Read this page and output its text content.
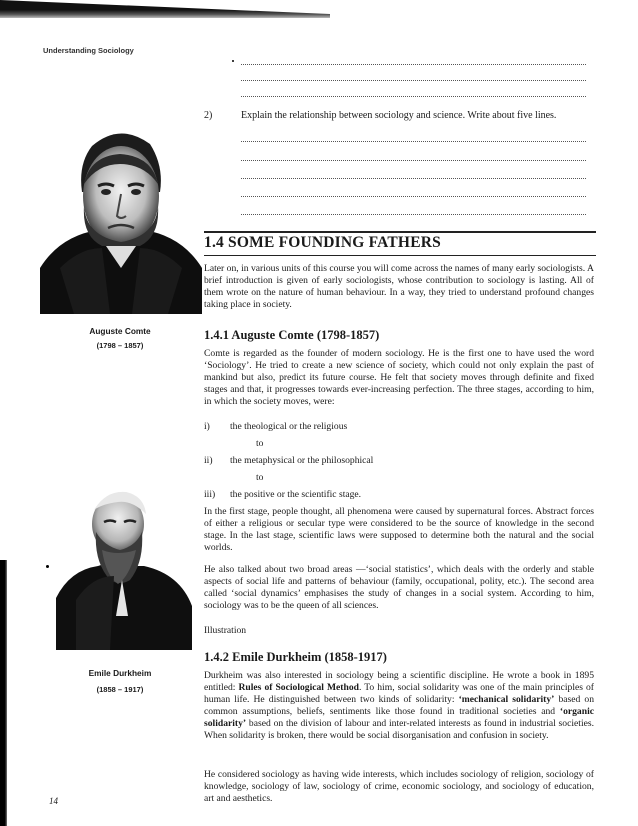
Understanding Sociology
2)	Explain the relationship between sociology and science. Write about five lines.
1.4 SOME FOUNDING FATHERS
Later on, in various units of this course you will come across the names of many early sociologists. A brief introduction is given of early sociologists, whose contribution to sociology is lasting. All of them wrote on the nature of human behaviour. In a way, they tried to understand profound changes taking place in society.
1.4.1 Auguste Comte (1798-1857)
Comte is regarded as the founder of modern sociology. He is the first one to have used the word ‘Sociology’. He tried to create a new science of society, which could not only explain the past of mankind but also, predict its future course. He felt that society moves through definite and fixed stages and that, it progresses towards ever-increasing perfection. The three stages, according to him, in which the society moves, were:
i) the theological or the religious
to
ii) the metaphysical or the philosophical
to
iii) the positive or the scientific stage.
In the first stage, people thought, all phenomena were caused by supernatural forces. Abstract forces of either a religious or secular type were considered to be the source of knowledge in the second stage. In the last stage, scientific laws were supposed to determine both the natural and the social worlds.
He also talked about two broad areas —‘social statistics’, which deals with the orderly and stable aspects of social life and patterns of behaviour (family, occupational, polity, etc.). The second area called ‘social dynamics’ emphasises the study of changes in a social system. According to him, sociology was to be the queen of all sciences.
Illustration
1.4.2 Emile Durkheim (1858-1917)
Durkheim was also interested in sociology being a scientific discipline. He wrote a book in 1895 entitled: Rules of Sociological Method. To him, social solidarity was one of the main principles of human life. He distinguished between two kinds of solidarity: ‘mechanical solidarity’ based on common assumptions, beliefs, sentiments like those found in traditional societies and ‘organic solidarity’ based on the division of labour and inter-related interests as found in industrial societies. When solidarity is broken, there would be social disorganisation and confusion in society.
He considered sociology as having wide interests, which includes sociology of religion, sociology of knowledge, sociology of law, sociology of crime, economic sociology, and sociology of education, art and aesthetics.
Auguste Comte
(1798 – 1857)
Emile Durkheim
(1858 – 1917)
14
